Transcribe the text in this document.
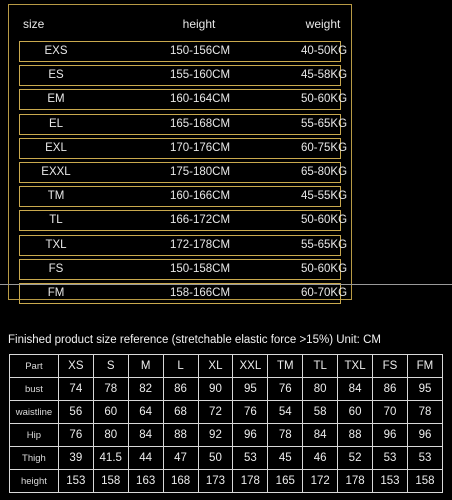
size	height	weight
EXS	150-156CM	40-50KG
ES	155-160CM	45-58KG
EM	160-164CM	50-60KG
EL	165-168CM	55-65KG
EXL	170-176CM	60-75KG
EXXL	175-180CM	65-80KG
TM	160-166CM	45-55KG
TL	166-172CM	50-60KG
TXL	172-178CM	55-65KG
FS	150-158CM	50-60KG
FM	158-166CM	60-70KG
Finished product size reference (stretchable elastic force >15%) Unit: CM
Part	XS	S	M	L	XL	XXL	TM	TL	TXL	FS	FM
bust	74	78	82	86	90	95	76	80	84	86	95
waistline	56	60	64	68	72	76	54	58	60	70	78
Hip	76	80	84	88	92	96	78	84	88	96	96
Thigh	39	41.5	44	47	50	53	45	46	52	53	53
height	153	158	163	168	173	178	165	172	178	153	158
